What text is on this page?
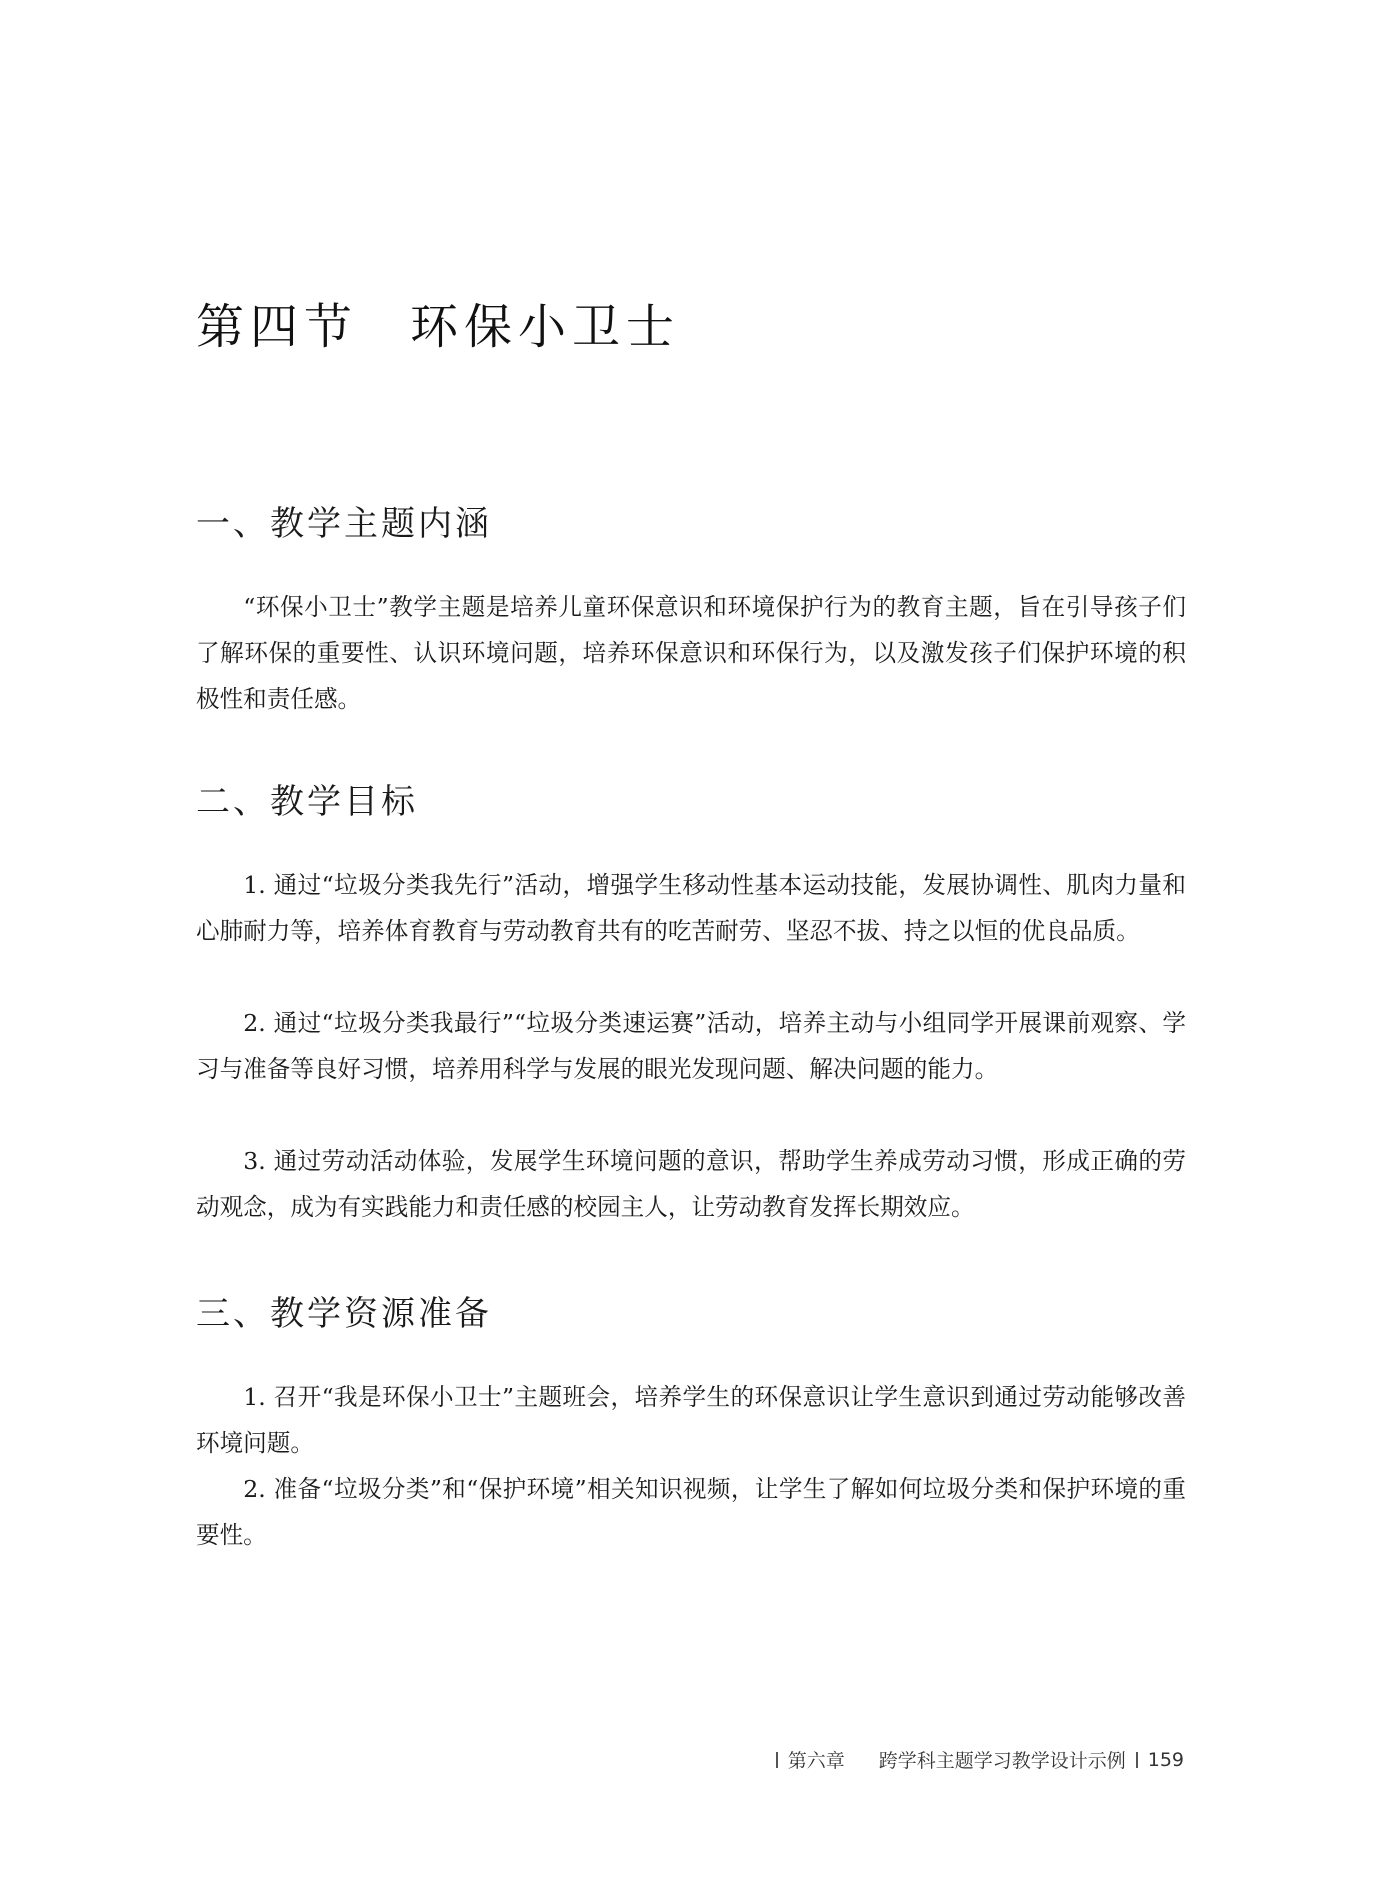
第四节 环保小卫士
一、教学主题内涵

“环保小卫士”教学主题是培养儿童环保意识和环境保护行为的教育主题，旨在引导孩子们了解环保的重要性、认识环境问题，培养环保意识和环保行为，以及激发孩子们保护环境的积极性和责任感。

二、教学目标

1. 通过“垃圾分类我先行”活动，增强学生移动性基本运动技能，发展协调性、肌肉力量和心肺耐力等，培养体育教育与劳动教育共有的吃苦耐劳、坚忍不拔、持之以恒的优良品质。

2. 通过“垃圾分类我最行”“垃圾分类速运赛”活动，培养主动与小组同学开展课前观察、学习与准备等良好习惯，培养用科学与发展的眼光发现问题、解决问题的能力。

3. 通过劳动活动体验，发展学生环境问题的意识，帮助学生养成劳动习惯，形成正确的劳动观念，成为有实践能力和责任感的校园主人，让劳动教育发挥长期效应。

三、教学资源准备

1. 召开“我是环保小卫士”主题班会，培养学生的环保意识让学生意识到通过劳动能够改善环境问题。

2. 准备“垃圾分类”和“保护环境”相关知识视频，让学生了解如何垃圾分类和保护环境的重要性。

第六章 跨学科主题学习教学设计示例 159
